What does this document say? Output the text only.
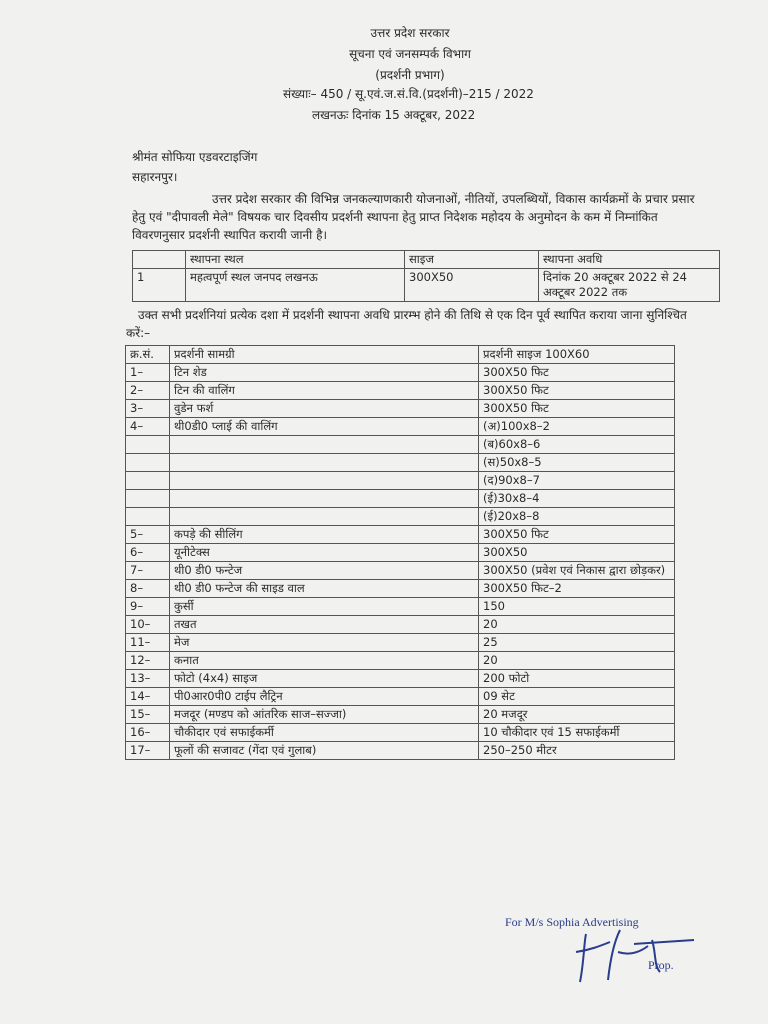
उत्तर प्रदेश सरकार
सूचना एवं जनसम्पर्क विभाग
(प्रदर्शनी प्रभाग)
संख्याः– 450 / सू.एवं.ज.सं.वि.(प्रदर्शनी)–215 / 2022
लखनऊः दिनांक 15 अक्टूबर, 2022
श्रीमंत सोफिया एडवरटाइजिंग
सहारनपुर।
उत्तर प्रदेश सरकार की विभिन्न जनकल्याणकारी योजनाओं, नीतियों, उपलब्धियों, विकास कार्यक्रमों के प्रचार प्रसार हेतु एवं "दीपावली मेले" विषयक चार दिवसीय प्रदर्शनी स्थापना हेतु प्राप्त निदेशक महोदय के अनुमोदन के कम में निम्नांकित विवरणनुसार प्रदर्शनी स्थापित करायी जानी है।
	स्थापना स्थल	साइज	स्थापना अवधि
1	महत्वपूर्ण स्थल जनपद लखनऊ	300X50	दिनांक 20 अक्टूबर 2022 से 24 अक्टूबर 2022 तक
उक्त सभी प्रदर्शनियां प्रत्येक दशा में प्रदर्शनी स्थापना अवधि प्रारम्भ होने की तिथि से एक दिन पूर्व स्थापित कराया जाना सुनिश्चित करें:–
क्र.सं.	प्रदर्शनी सामग्री	प्रदर्शनी साइज 100X60
1–	टिन शेड	300X50 फिट
2–	टिन की वालिंग	300X50 फिट
3–	वुडेन फर्श	300X50 फिट
4–	थी0डी0 प्लाई की वालिंग	(अ)100x8–2
		(ब)60x8–6
		(स)50x8–5
		(द)90x8–7
		(ई)30x8–4
		(ई)20x8–8
5–	कपड़े की सीलिंग	300X50 फिट
6–	यूनीटेक्स	300X50
7–	थी0 डी0 फन्टेज	300X50 (प्रवेश एवं निकास द्वारा छोड़कर)
8–	थी0 डी0 फन्टेज की साइड वाल	300X50 फिट–2
9–	कुर्सी	150
10–	तखत	20
11–	मेज	25
12–	कनात	20
13–	फोटो (4x4) साइज	200 फोटो
14–	पी0आर0पी0 टाईप लैट्रिन	09 सेट
15–	मजदूर (मण्डप को आंतरिक साज–सज्जा)	20 मजदूर
16–	चौकीदार एवं सफाईकर्मी	10 चौकीदार एवं 15 सफाईकर्मी
17–	फूलों की सजावट (गेंदा एवं गुलाब)	250–250 मीटर
For M/s Sophia Advertising
Prop.
